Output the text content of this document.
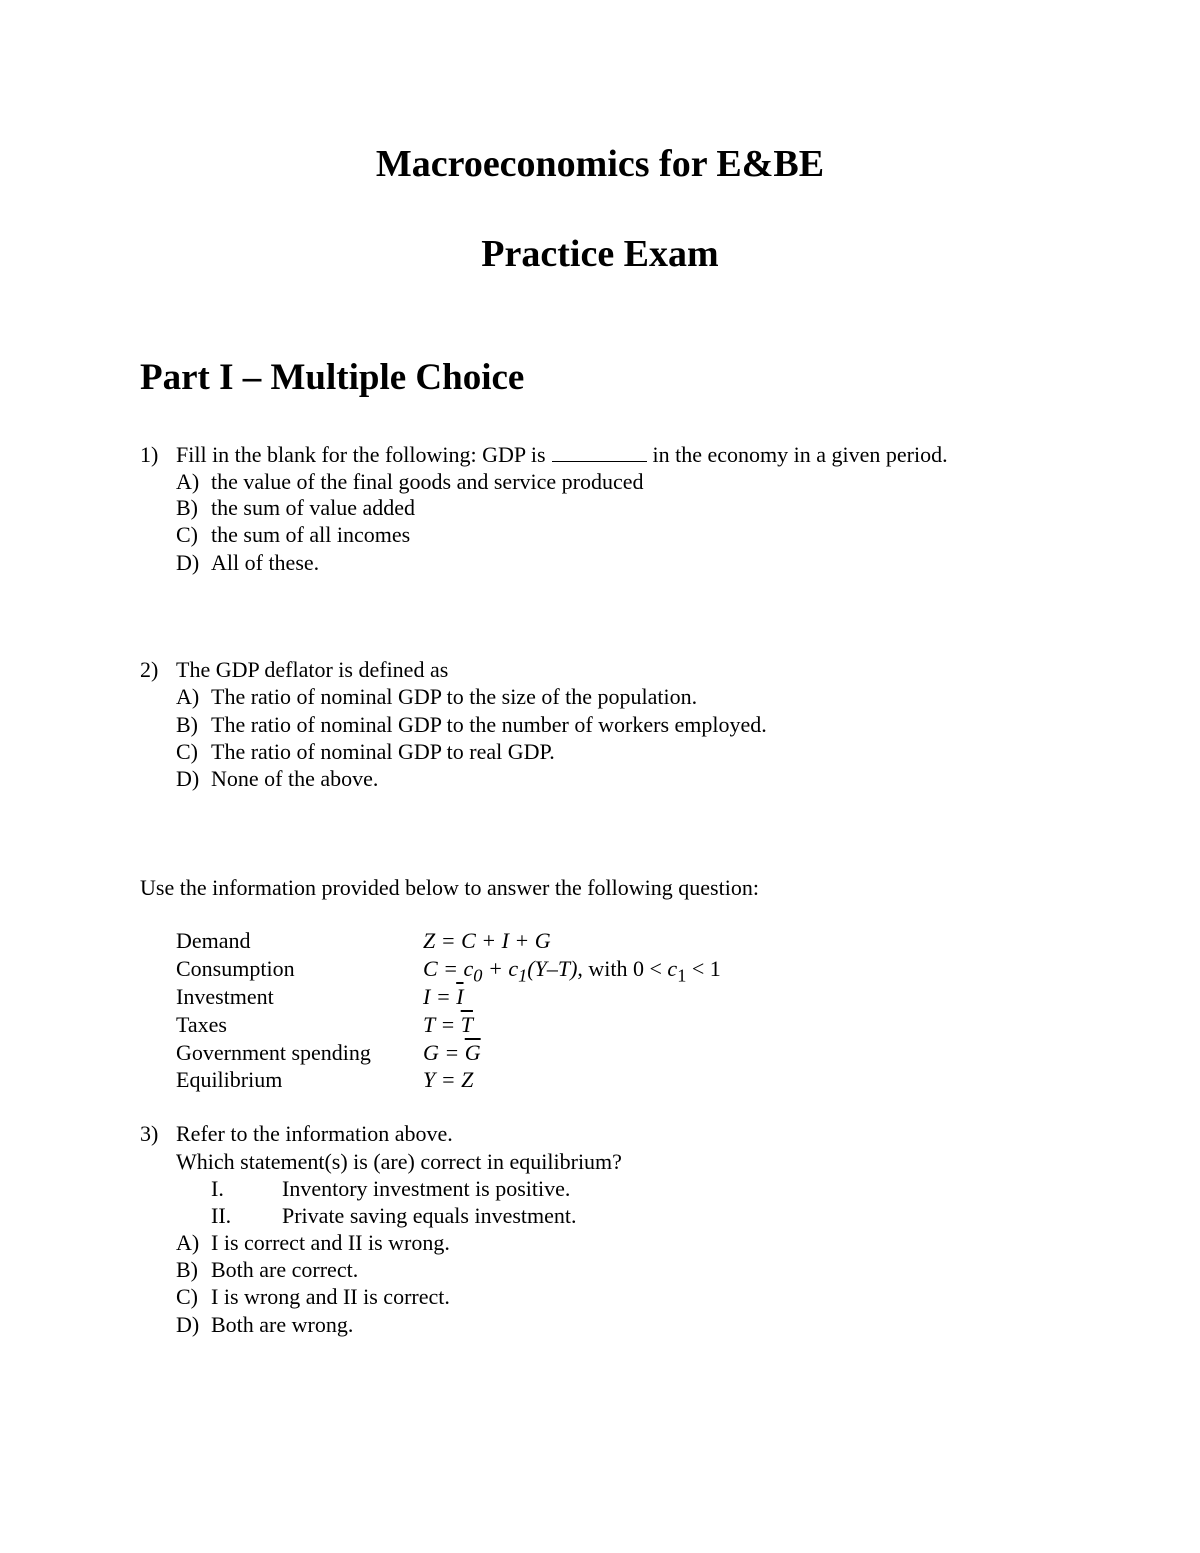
Macroeconomics for E&BE
Practice Exam
Part I – Multiple Choice
1) Fill in the blank for the following: GDP is	in the economy in a given period.
A) the value of the final goods and service produced
B) the sum of value added
C) the sum of all incomes
D) All of these.
2) The GDP deflator is defined as
A) The ratio of nominal GDP to the size of the population.
B) The ratio of nominal GDP to the number of workers employed.
C) The ratio of nominal GDP to real GDP.
D) None of the above.
Use the information provided below to answer the following question:
Demand	Z = C + I + G
Consumption	$C = c_0 + c_1(Y-T)$, with $0 < c_1 < 1$
Investment	$I = \overline{I}$
Taxes	$T = \overline{T}$
Government spending $G = \overline{G}$
Equilibrium	Y = Z
3) Refer to the information above.
Which statement(s) is (are) correct in equilibrium?
I.	Inventory investment is positive.
II. Private saving equals investment.
A) I is correct and II is wrong.
B) Both are correct.
C) I is wrong and II is correct.
D) Both are wrong.
